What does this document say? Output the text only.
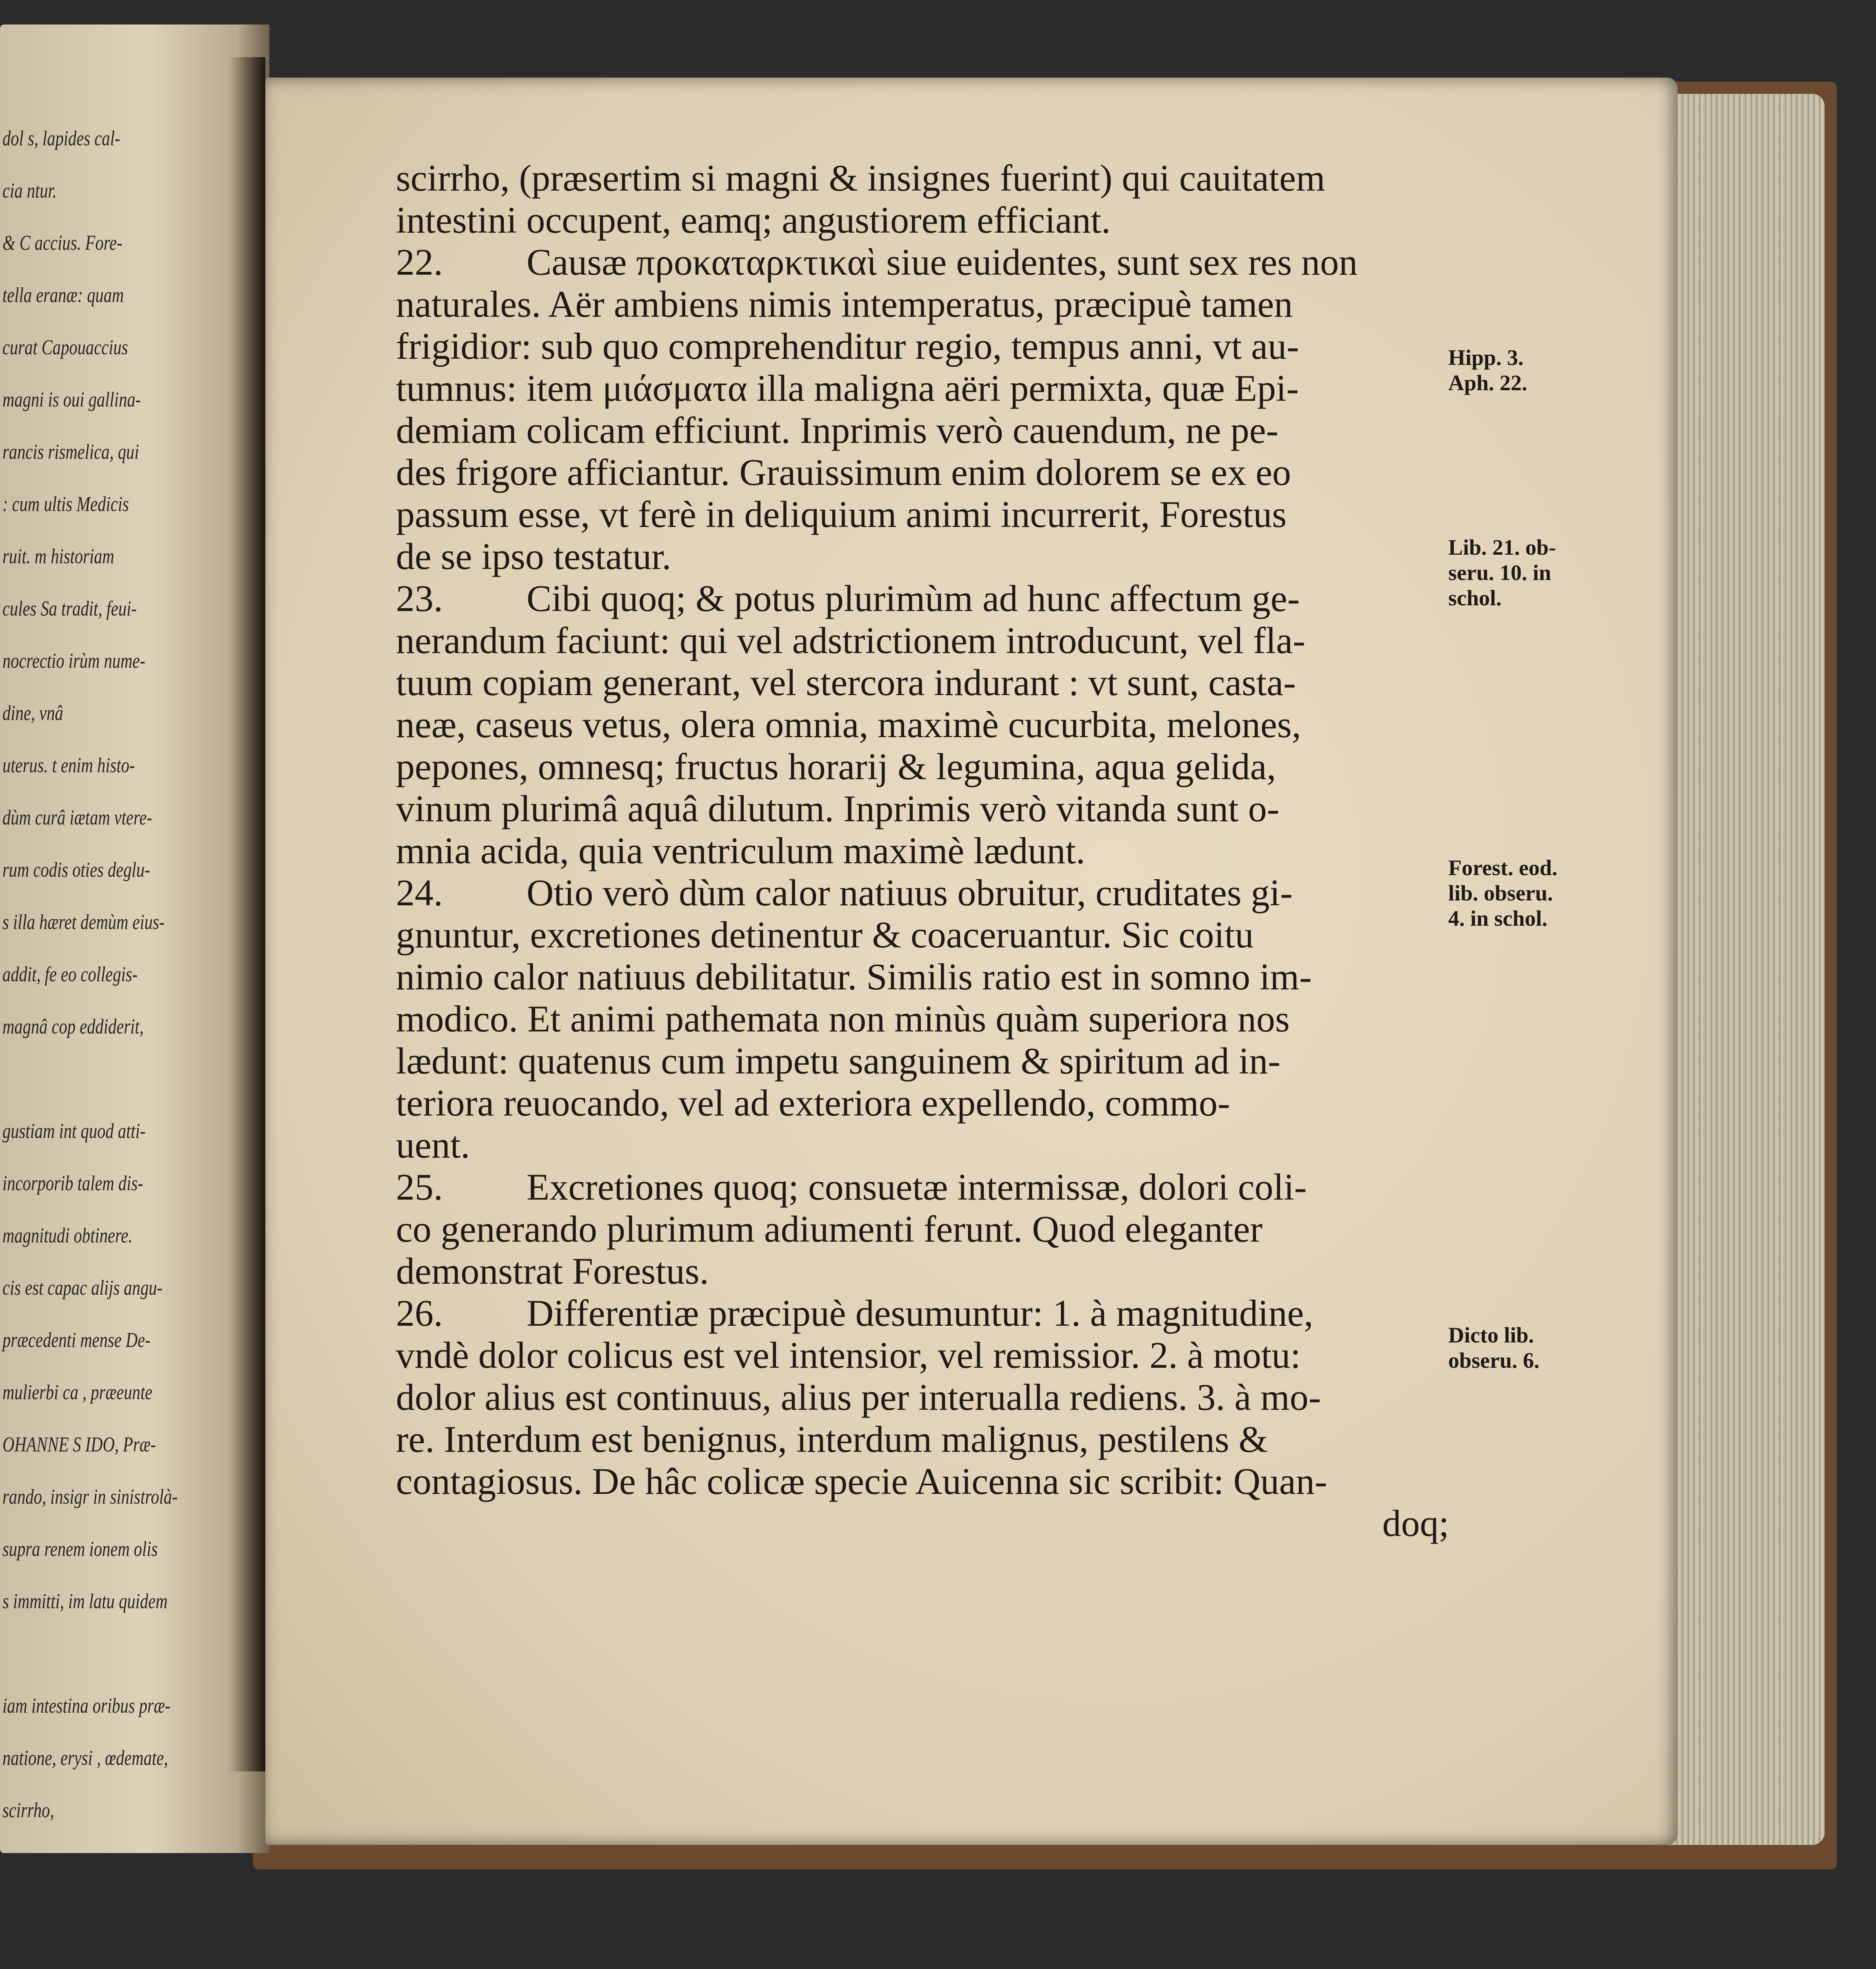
dol s, lapides cal-
cia ntur.
& C accius. Fore-
tella eranæ: quam
curat Capouaccius
magni is oui gallina-
rancis rismelica, qui
: cum ultis Medicis
ruit. m historiam
cules Sa tradit, feui-
nocrectio irùm nume-
dine, vnâ
uterus. t enim histo-
dùm curâ iætam vtere-
rum codis oties deglu-
s illa hæret demùm eius-
addit, fe eo collegis-
magnâ cop eddiderit,
gustiam int quod atti-
incorporib talem dis-
magnitudi obtinere.
cis est capac alijs angu-
præcedenti mense De-
mulierbi ca , præeunte
OHANNE S IDO, Præ-
rando, insigr in sinistrolà-
supra renem ionem olis
s immitti, im latu quidem
iam intestina oribus præ-
natione, erysi , œdemate,
scirrho,
scirrho, (præsertim si magni & insignes fuerint) qui cauitatem
intestini occupent, eamq; angustiorem efficiant.
22. Causæ προκαταρκτικαὶ siue euidentes, sunt sex res non
naturales. Aër ambiens nimis intemperatus, præcipuè tamen
frigidior: sub quo comprehenditur regio, tempus anni, vt au-
tumnus: item μιάσματα illa maligna aëri permixta, quæ Epi-
demiam colicam efficiunt. Inprimis verò cauendum, ne pe-
des frigore afficiantur. Grauissimum enim dolorem se ex eo
passum esse, vt ferè in deliquium animi incurrerit, Forestus
de se ipso testatur.
23. Cibi quoq; & potus plurimùm ad hunc affectum ge-
nerandum faciunt: qui vel adstrictionem introducunt, vel fla-
tuum copiam generant, vel stercora indurant : vt sunt, casta-
neæ, caseus vetus, olera omnia, maximè cucurbita, melones,
pepones, omnesq; fructus horarij & legumina, aqua gelida,
vinum plurimâ aquâ dilutum. Inprimis verò vitanda sunt o-
mnia acida, quia ventriculum maximè lædunt.
24. Otio verò dùm calor natiuus obruitur, cruditates gi-
gnuntur, excretiones detinentur & coaceruantur. Sic coitu
nimio calor natiuus debilitatur. Similis ratio est in somno im-
modico. Et animi pathemata non minùs quàm superiora nos
lædunt: quatenus cum impetu sanguinem & spiritum ad in-
teriora reuocando, vel ad exteriora expellendo, commo-
uent.
25. Excretiones quoq; consuetæ intermissæ, dolori coli-
co generando plurimum adiumenti ferunt. Quod eleganter
demonstrat Forestus.
26. Differentiæ præcipuè desumuntur: 1. à magnitudine,
vndè dolor colicus est vel intensior, vel remissior. 2. à motu:
dolor alius est continuus, alius per interualla rediens. 3. à mo-
re. Interdum est benignus, interdum malignus, pestilens &
contagiosus. De hâc colicæ specie Auicenna sic scribit: Quan-
doq;
Hipp. 3.
Aph. 22.
Lib. 21. ob-
seru. 10. in
schol.
Forest. eod.
lib. obseru.
4. in schol.
Dicto lib.
obseru. 6.
